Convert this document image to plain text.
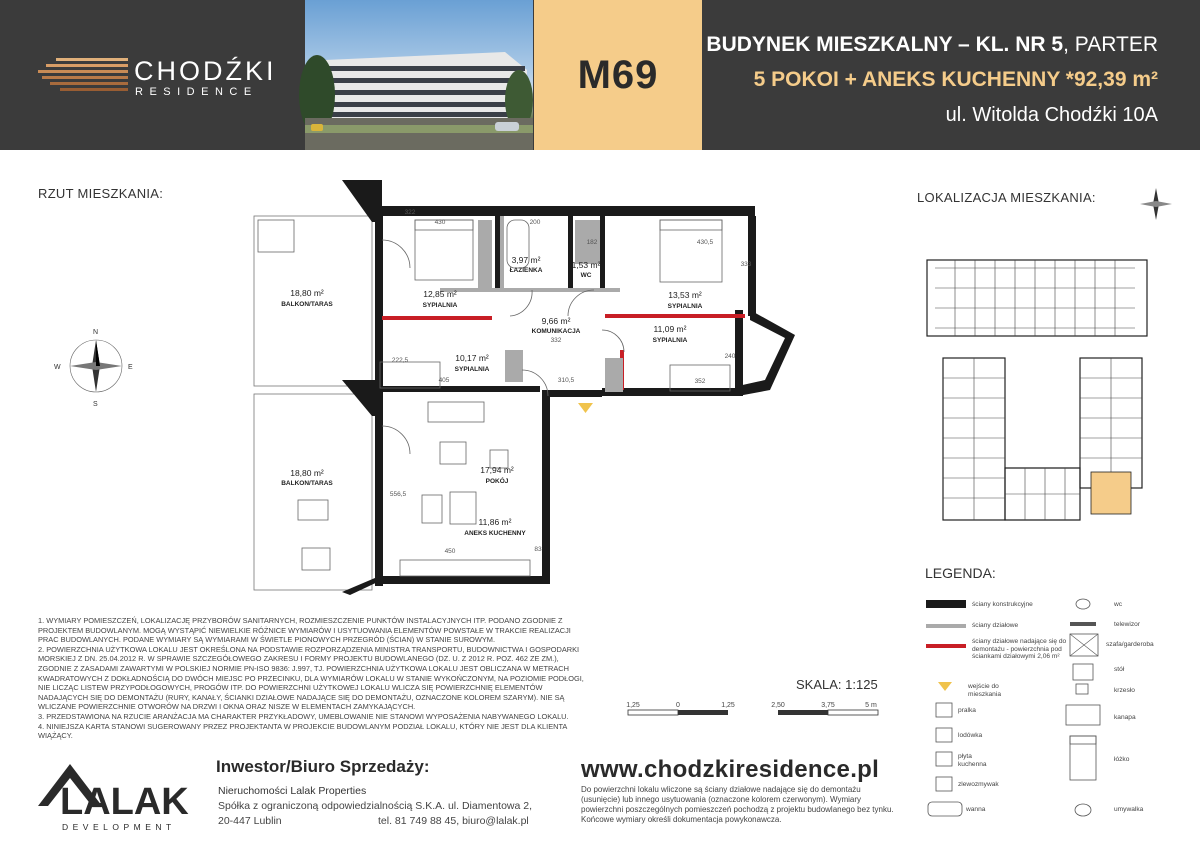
CHODŹKI
RESIDENCE	M69
BUDYNEK MIESZKALNY – KL. NR 5, PARTER
5 POKOI + ANEKS KUCHENNY *92,39 m²
ul. Witolda Chodźki 10A
RZUT MIESZKANIA:	LOKALIZACJA MIESZKANIA:
N
S
E
W
18,80 m²
BALKON/TARAS
12,85 m²
SYPIALNIA
3,97 m²
ŁAZIENKA
1,53 m²
WC
13,53 m²
SYPIALNIA
9,66 m²
KOMUNIKACJA	11,09 m²
SYPIALNIA
10,17 m²
SYPIALNIA
18,80 m²
BALKON/TARAS
17,94 m²
POKÓJ
11,86 m²
ANEKS KUCHENNY
322
430	200
182	430,5
333
240
332
310,5	352
450
222,5
405
556,5
83

1. WYMIARY POMIESZCZEŃ, LOKALIZACJĘ PRZYBORÓW SANITARNYCH, ROZMIESZCZENIE PUNKTÓW INSTALACYJNYCH ITP. PODANO ZGODNIE Z PROJEKTEM BUDOWLANYM. MOGĄ WYSTĄPIĆ NIEWIELKIE RÓŻNICE WYMIARÓW I USYTUOWANIA ELEMENTÓW POWSTAŁE W TRAKCIE REALIZACJI PRAC BUDOWLANYCH. PODANE WYMIARY SĄ WYMIARAMI W ŚWIETLE PIONOWYCH PRZEGRÓD (ŚCIAN) W STANIE SUROWYM.

2. POWIERZCHNIA UŻYTKOWA LOKALU JEST OKREŚLONA NA PODSTAWIE ROZPORZĄDZENIA MINISTRA TRANSPORTU, BUDOWNICTWA I GOSPODARKI MORSKIEJ Z DN. 25.04.2012 R. W SPRAWIE SZCZEGÓŁOWEGO ZAKRESU I FORMY PROJEKTU BUDOWLANEGO (DZ. U. Z 2012 R. POZ. 462 ZE ZM.), ZGODNIE Z ZASADAMI ZAWARTYMI W POLSKIEJ NORMIE PN-ISO 9836: J.997, TJ. POWIERZCHNIA UŻYTKOWA LOKALU JEST OBLICZANA W METRACH KWADRATOWYCH Z DOKŁADNOŚCIĄ DO DWÓCH MIEJSC PO PRZECINKU, DLA WYMIARÓW LOKALU W STANIE WYKOŃCZONYM, NA POZIOMIE PODŁOGI, NIE LICZĄC LISTEW PRZYPODŁOGOWYCH, PROGÓW ITP. DO POWIERZCHNI UŻYTKOWEJ LOKALU WLICZA SIĘ POWIERZCHNIĘ ELEMENTÓW NADAJĄCYCH SIĘ DO DEMONTAŻU (RURY, KANAŁY, ŚCIANKI DZIAŁOWE NADAJĄCE SIĘ DO DEMONTAŻU, OZNACZONE KOLOREM SZARYM). NIE SĄ WLICZANE POWIERZCHNIE OTWORÓW NA DRZWI I OKNA ORAZ NISZE W ELEMENTACH ZAMYKAJĄCYCH.

3. PRZEDSTAWIONA NA RZUCIE ARANŻACJA MA CHARAKTER PRZYKŁADOWY, UMEBLOWANIE NIE STANOWI WYPOSAŻENIA NABYWANEGO LOKALU.

4. NINIEJSZA KARTA STANOWI SUGEROWANY PRZEZ PROJEKTANTA W PROJEKCIE BUDOWLANYM PODZIAŁ LOKALU, KTÓRY NIE JEST DLA KLIENTA WIĄŻĄCY.

SKALA: 1:125
1,25	0	1,25	2,50	3,75	5 m
LEGENDA:
ściany konstrukcyjne
ściany działowe
ściany działowe nadające się do demontażu - powierzchnia pod ściankami działowymi 2,06 m²
wejście do mieszkania
pralka
lodówka
płyta kuchenna
zlewozmywak
wanna
wc
telewizor
szafa/garderoba
stół
krzesło
kanapa
łóżko
umywalka
LALAK
DEVELOPMENT
Inwestor/Biuro Sprzedaży:
Nieruchomości Lalak Properties
Spółka z ograniczoną odpowiedzialnością S.K.A. ul. Diamentowa 2,
20-447 Lublin	tel. 81 749 88 45, biuro@lalak.pl
www.chodzkiresidence.pl
Do powierzchni lokalu wliczone są ściany działowe nadające się do demontażu (usunięcie) lub innego usytuowania (oznaczone kolorem czerwonym). Wymiary powierzchni poszczególnych pomieszczeń pochodzą z projektu budowlanego bez tynku. Końcowe wymiary określi dokumentacja powykonawcza.
